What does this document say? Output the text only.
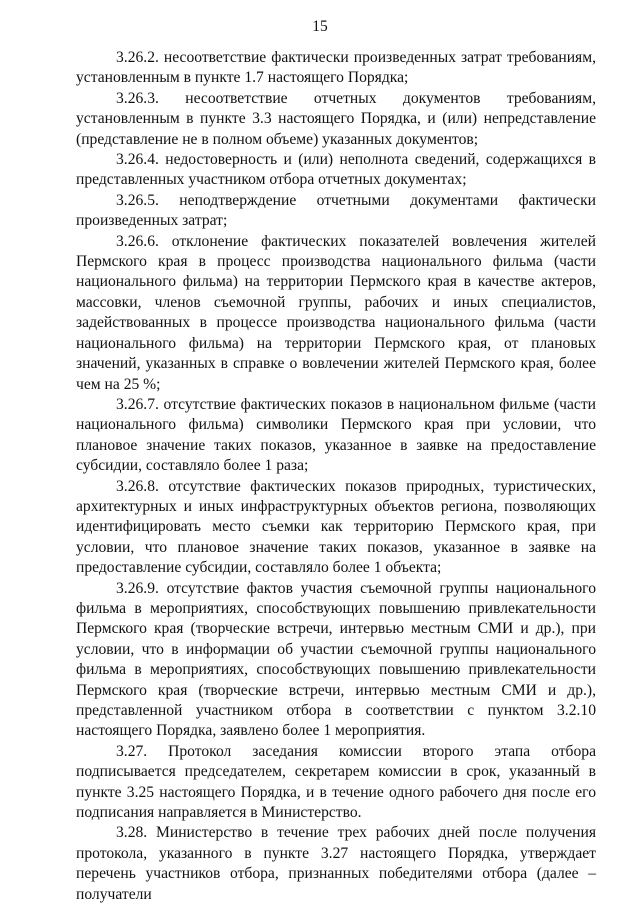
15

3.26.2. несоответствие фактически произведенных затрат требованиям, установленным в пункте 1.7 настоящего Порядка;

3.26.3. несоответствие отчетных документов требованиям, установленным в пункте 3.3 настоящего Порядка, и (или) непредставление (представление не в полном объеме) указанных документов;

3.26.4. недостоверность и (или) неполнота сведений, содержащихся в представленных участником отбора отчетных документах;

3.26.5. неподтверждение отчетными документами фактически произведенных затрат;

3.26.6. отклонение фактических показателей вовлечения жителей Пермского края в процесс производства национального фильма (части национального фильма) на территории Пермского края в качестве актеров, массовки, членов съемочной группы, рабочих и иных специалистов, задействованных в процессе производства национального фильма (части национального фильма) на территории Пермского края, от плановых значений, указанных в справке о вовлечении жителей Пермского края, более чем на 25 %;

3.26.7. отсутствие фактических показов в национальном фильме (части национального фильма) символики Пермского края при условии, что плановое значение таких показов, указанное в заявке на предоставление субсидии, составляло более 1 раза;

3.26.8. отсутствие фактических показов природных, туристических, архитектурных и иных инфраструктурных объектов региона, позволяющих идентифицировать место съемки как территорию Пермского края, при условии, что плановое значение таких показов, указанное в заявке на предоставление субсидии, составляло более 1 объекта;

3.26.9. отсутствие фактов участия съемочной группы национального фильма в мероприятиях, способствующих повышению привлекательности Пермского края (творческие встречи, интервью местным СМИ и др.), при условии, что в информации об участии съемочной группы национального фильма в мероприятиях, способствующих повышению привлекательности Пермского края (творческие встречи, интервью местным СМИ и др.), представленной участником отбора в соответствии с пунктом 3.2.10 настоящего Порядка, заявлено более 1 мероприятия.

3.27. Протокол заседания комиссии второго этапа отбора подписывается председателем, секретарем комиссии в срок, указанный в пункте 3.25 настоящего Порядка, и в течение одного рабочего дня после его подписания направляется в Министерство.

3.28. Министерство в течение трех рабочих дней после получения протокола, указанного в пункте 3.27 настоящего Порядка, утверждает перечень участников отбора, признанных победителями отбора (далее – получатели
